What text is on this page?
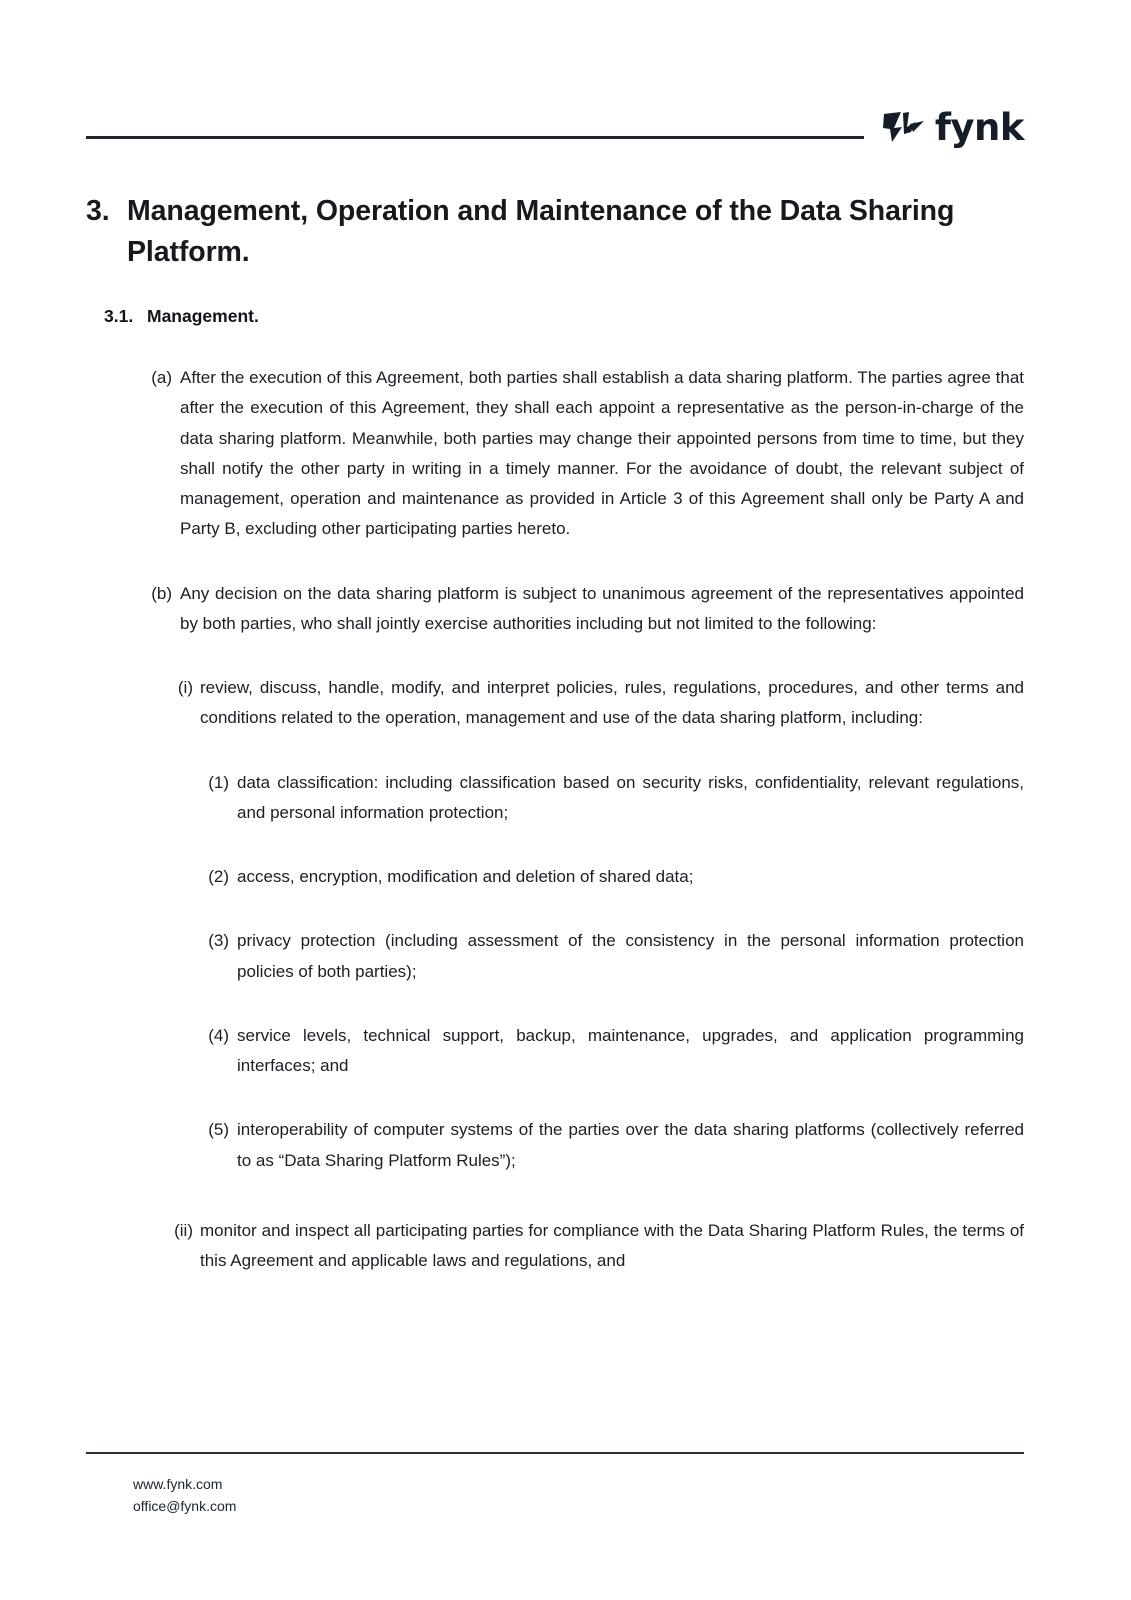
fynk
3. Management, Operation and Maintenance of the Data Sharing Platform.
3.1. Management.
(a) After the execution of this Agreement, both parties shall establish a data sharing platform. The parties agree that after the execution of this Agreement, they shall each appoint a representative as the person-in-charge of the data sharing platform. Meanwhile, both parties may change their appointed persons from time to time, but they shall notify the other party in writing in a timely manner. For the avoidance of doubt, the relevant subject of management, operation and maintenance as provided in Article 3 of this Agreement shall only be Party A and Party B, excluding other participating parties hereto.
(b) Any decision on the data sharing platform is subject to unanimous agreement of the representatives appointed by both parties, who shall jointly exercise authorities including but not limited to the following:
(i) review, discuss, handle, modify, and interpret policies, rules, regulations, procedures, and other terms and conditions related to the operation, management and use of the data sharing platform, including:
(1) data classification: including classification based on security risks, confidentiality, relevant regulations, and personal information protection;
(2) access, encryption, modification and deletion of shared data;
(3) privacy protection (including assessment of the consistency in the personal information protection policies of both parties);
(4) service levels, technical support, backup, maintenance, upgrades, and application programming interfaces; and
(5) interoperability of computer systems of the parties over the data sharing platforms (collectively referred to as “Data Sharing Platform Rules”);
(ii) monitor and inspect all participating parties for compliance with the Data Sharing Platform Rules, the terms of this Agreement and applicable laws and regulations, and
www.fynk.com
office@fynk.com
